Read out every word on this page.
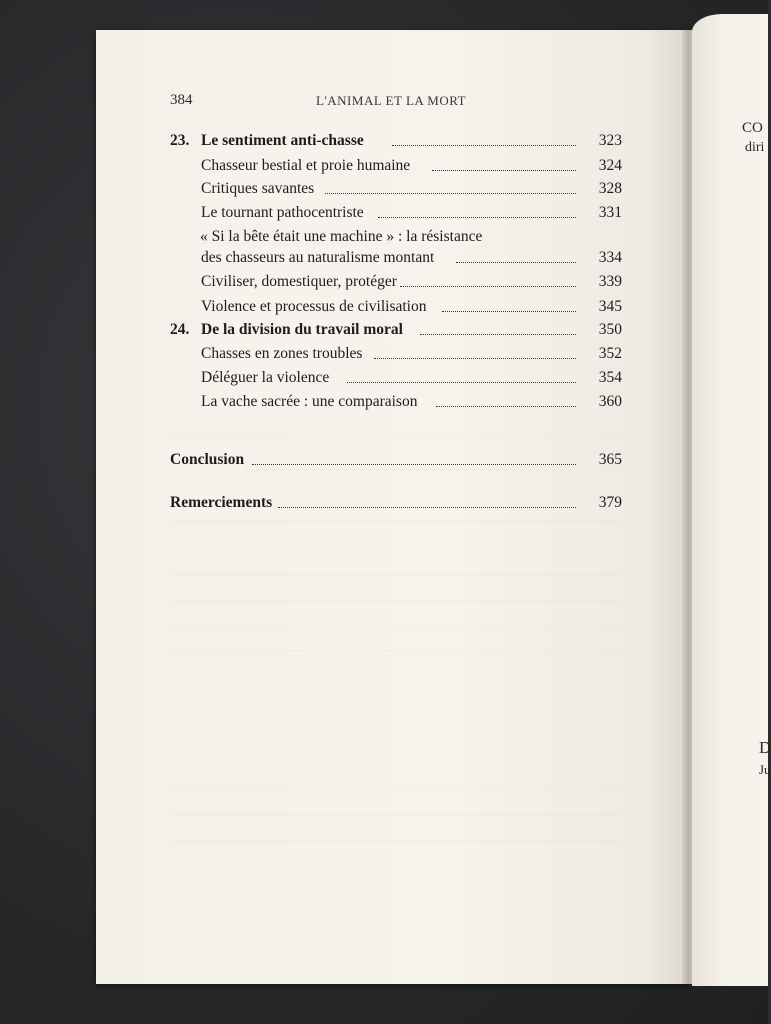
CO
diri
D
Ju
384	L'ANIMAL ET LA MORT
23. Le sentiment anti-chasse	323
Chasseur bestial et proie humaine	324
Critiques savantes	328
Le tournant pathocentriste	331
« Si la bête était une machine » : la résistance
des chasseurs au naturalisme montant	334
Civiliser, domestiquer, protéger	339
Violence et processus de civilisation	345
24. De la division du travail moral	350
Chasses en zones troubles	352
Déléguer la violence	354
La vache sacrée : une comparaison	360
Conclusion	365
Remerciements	379
